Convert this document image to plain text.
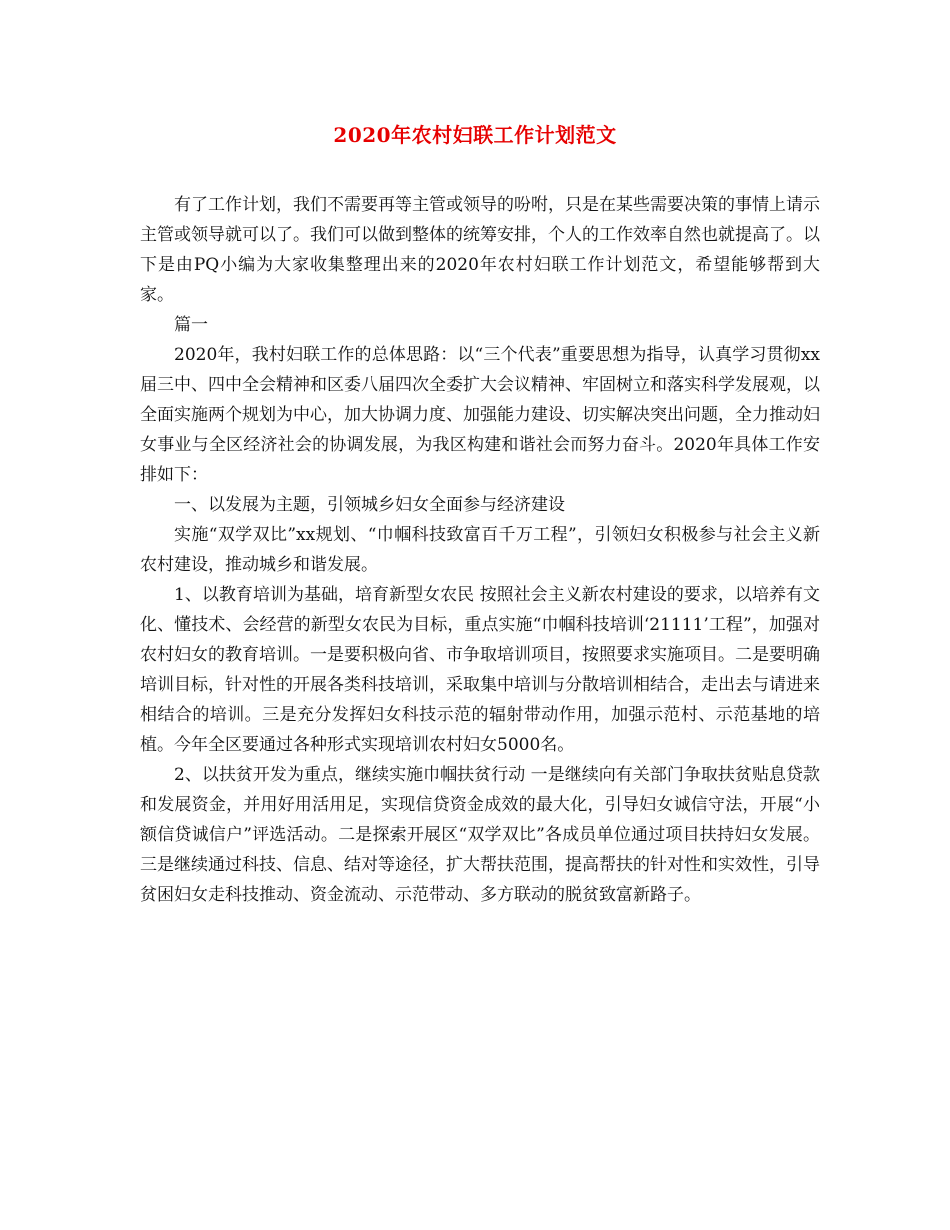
2020年农村妇联工作计划范文

有了工作计划，我们不需要再等主管或领导的吩咐，只是在某些需要决策的事情上请示主管或领导就可以了。我们可以做到整体的统筹安排，个人的工作效率自然也就提高了。以下是由PQ小编为大家收集整理出来的2020年农村妇联工作计划范文，希望能够帮到大家。

篇一

2020年，我村妇联工作的总体思路：以“三个代表”重要思想为指导，认真学习贯彻xx届三中、四中全会精神和区委八届四次全委扩大会议精神、牢固树立和落实科学发展观，以全面实施两个规划为中心，加大协调力度、加强能力建设、切实解决突出问题，全力推动妇女事业与全区经济社会的协调发展，为我区构建和谐社会而努力奋斗。2020年具体工作安排如下：

一、以发展为主题，引领城乡妇女全面参与经济建设

实施“双学双比”xx规划、“巾帼科技致富百千万工程”，引领妇女积极参与社会主义新农村建设，推动城乡和谐发展。

1、以教育培训为基础，培育新型女农民 按照社会主义新农村建设的要求，以培养有文化、懂技术、会经营的新型女农民为目标，重点实施“巾帼科技培训‘21111’工程”，加强对农村妇女的教育培训。一是要积极向省、市争取培训项目，按照要求实施项目。二是要明确培训目标，针对性的开展各类科技培训，采取集中培训与分散培训相结合，走出去与请进来相结合的培训。三是充分发挥妇女科技示范的辐射带动作用，加强示范村、示范基地的培植。今年全区要通过各种形式实现培训农村妇女5000名。

2、以扶贫开发为重点，继续实施巾帼扶贫行动 一是继续向有关部门争取扶贫贴息贷款和发展资金，并用好用活用足，实现信贷资金成效的最大化，引导妇女诚信守法，开展“小额信贷诚信户”评选活动。二是探索开展区“双学双比”各成员单位通过项目扶持妇女发展。三是继续通过科技、信息、结对等途径，扩大帮扶范围，提高帮扶的针对性和实效性，引导贫困妇女走科技推动、资金流动、示范带动、多方联动的脱贫致富新路子。
